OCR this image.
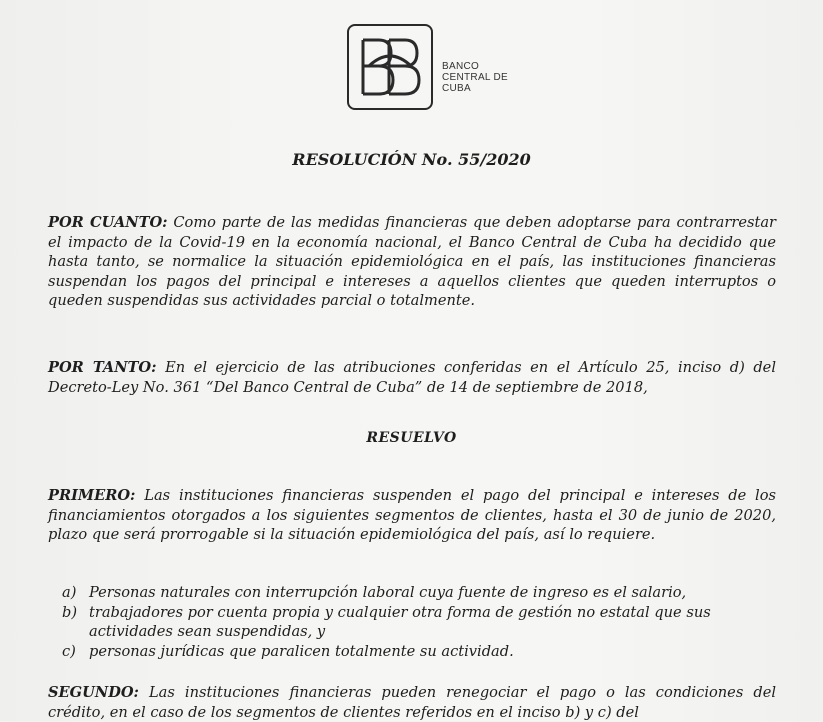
BANCO
CENTRAL DE
CUBA
RESOLUCIÓN No. 55/2020
POR CUANTO: Como parte de las medidas financieras que deben adoptarse para contrarrestar el impacto de la Covid-19 en la economía nacional, el Banco Central de Cuba ha decidido que hasta tanto, se normalice la situación epidemiológica en el país, las instituciones financieras suspendan los pagos del principal e intereses a aquellos clientes que queden interruptos o queden suspendidas sus actividades parcial o totalmente.
POR TANTO: En el ejercicio de las atribuciones conferidas en el Artículo 25, inciso d) del Decreto-Ley No. 361 “Del Banco Central de Cuba” de 14 de septiembre de 2018,
RESUELVO
PRIMERO: Las instituciones financieras suspenden el pago del principal e intereses de los financiamientos otorgados a los siguientes segmentos de clientes, hasta el 30 de junio de 2020, plazo que será prorrogable si la situación epidemiológica del país, así lo requiere.
a) Personas naturales con interrupción laboral cuya fuente de ingreso es el salario,
b) trabajadores por cuenta propia y cualquier otra forma de gestión no estatal que sus actividades sean suspendidas, y
c) personas jurídicas que paralicen totalmente su actividad.
SEGUNDO: Las instituciones financieras pueden renegociar el pago o las condiciones del crédito, en el caso de los segmentos de clientes referidos en el inciso b) y c) del
